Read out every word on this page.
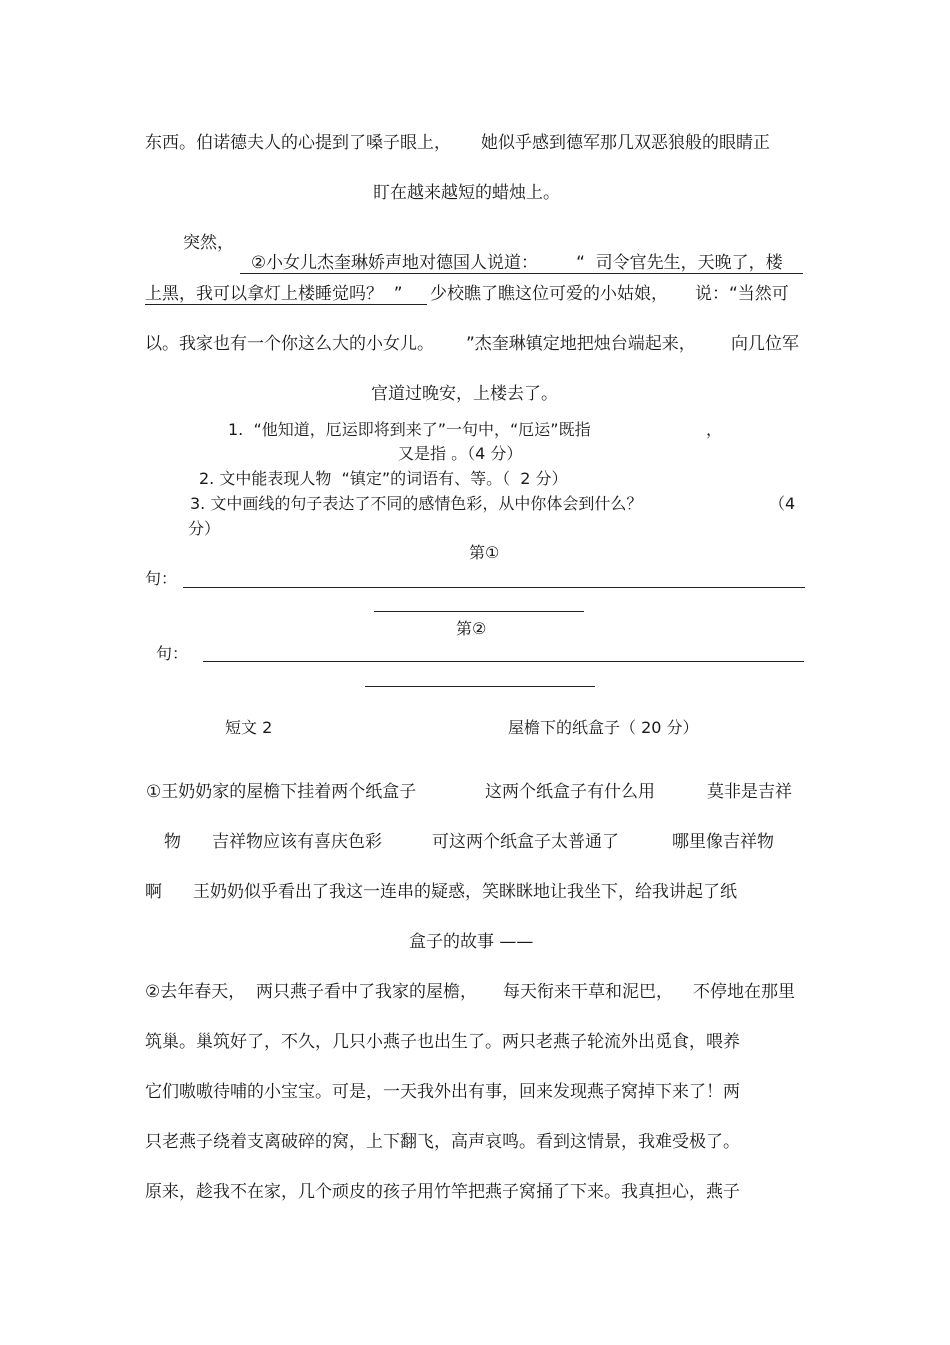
东西。伯诺德夫人的心提到了嗓子眼上， 她似乎感到德军那几双恶狼般的眼睛正
盯在越来越短的蜡烛上。
突然，

②小女儿杰奎琳娇声地对德国人说道： “  司令官先生，天晚了，楼

上黑，我可以拿灯上楼睡觉吗？  ”	少校瞧了瞧这位可爱的小姑娘， 说：“当然可
以。我家也有一个你这么大的小女儿。 ”杰奎琳镇定地把烛台端起来， 向几位军
官道过晚安，上楼去了。
1.  “他知道，厄运即将到来了”一句中，“厄运”既指	，
又是指 。（4 分）
2. 文中能表现人物  “镇定”的词语有、等。（  2 分）
3. 文中画线的句子表达了不同的感情色彩，从中你体会到什么？	（4
分）
第①
句：
第②
句：
短文 2	屋檐下的纸盒子（ 20 分）
①王奶奶家的屋檐下挂着两个纸盒子	这两个纸盒子有什么用	莫非是吉祥
物 吉祥物应该有喜庆色彩	可这两个纸盒子太普通了	哪里像吉祥物
啊 王奶奶似乎看出了我这一连串的疑惑，笑眯眯地让我坐下，给我讲起了纸
盒子的故事 ——
②去年春天， 两只燕子看中了我家的屋檐， 每天衔来干草和泥巴， 不停地在那里
筑巢。巢筑好了，不久，几只小燕子也出生了。两只老燕子轮流外出觅食，喂养
它们嗷嗷待哺的小宝宝。可是，一天我外出有事，回来发现燕子窝掉下来了！两
只老燕子绕着支离破碎的窝，上下翻飞，高声哀鸣。看到这情景，我难受极了。
原来，趁我不在家，几个顽皮的孩子用竹竿把燕子窝捅了下来。我真担心，燕子
